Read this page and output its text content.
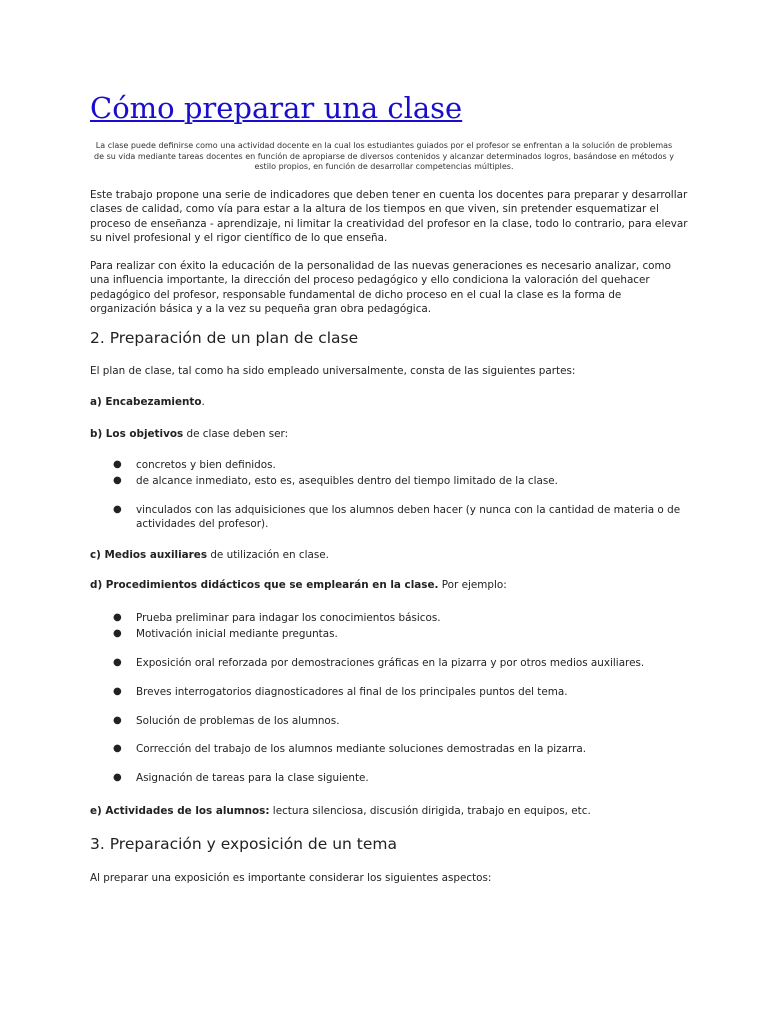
Cómo preparar una clase

La clase puede definirse como una actividad docente en la cual los estudiantes guiados por el profesor se enfrentan a la solución de problemas de su vida mediante tareas docentes en función de apropiarse de diversos contenidos y alcanzar determinados logros, basándose en métodos y estilo propios, en función de desarrollar competencias múltiples.

Este trabajo propone una serie de indicadores que deben tener en cuenta los docentes para preparar y desarrollar clases de calidad, como vía para estar a la altura de los tiempos en que viven, sin pretender esquematizar el proceso de enseñanza - aprendizaje, ni limitar la creatividad del profesor en la clase, todo lo contrario, para elevar su nivel profesional y el rigor científico de lo que enseña.

Para realizar con éxito la educación de la personalidad de las nuevas generaciones es necesario analizar, como una influencia importante, la dirección del proceso pedagógico y ello condiciona la valoración del quehacer pedagógico del profesor, responsable fundamental de dicho proceso en el cual la clase es la forma de organización básica y a la vez su pequeña gran obra pedagógica.

2. Preparación de un plan de clase

El plan de clase, tal como ha sido empleado universalmente, consta de las siguientes partes:

a) Encabezamiento.

b) Los objetivos de clase deben ser:

● concretos y bien definidos.

● de alcance inmediato, esto es, asequibles dentro del tiempo limitado de la clase.

● vinculados con las adquisiciones que los alumnos deben hacer (y nunca con la cantidad de materia o de actividades del profesor).

c) Medios auxiliares de utilización en clase.

d) Procedimientos didácticos que se emplearán en la clase. Por ejemplo:

● Prueba preliminar para indagar los conocimientos básicos.

● Motivación inicial mediante preguntas.

● Exposición oral reforzada por demostraciones gráficas en la pizarra y por otros medios auxiliares.

● Breves interrogatorios diagnosticadores al final de los principales puntos del tema.

● Solución de problemas de los alumnos.

● Corrección del trabajo de los alumnos mediante soluciones demostradas en la pizarra.

● Asignación de tareas para la clase siguiente.

e) Actividades de los alumnos: lectura silenciosa, discusión dirigida, trabajo en equipos, etc.

3. Preparación y exposición de un tema

Al preparar una exposición es importante considerar los siguientes aspectos:
